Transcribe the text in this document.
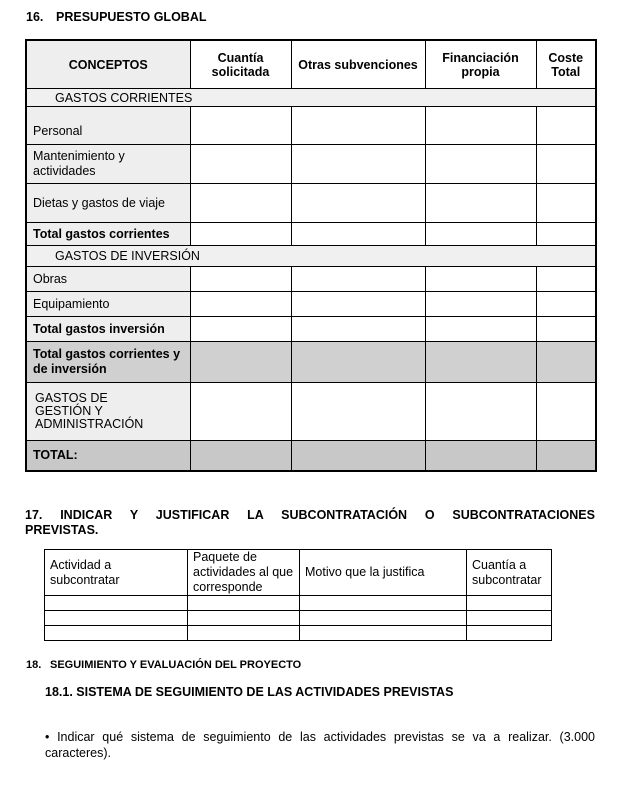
16. PRESUPUESTO GLOBAL
CONCEPTOS	Cuantía solicitada	Otras subvenciones	Financiación propia	Coste Total
GASTOS CORRIENTES				
Personal				
Mantenimiento y actividades				
Dietas y gastos de viaje				
Total gastos corrientes				
GASTOS DE INVERSIÓN				
Obras				
Equipamiento				
Total gastos inversión				
Total gastos corrientes y de inversión				
GASTOS DE GESTIÓN Y ADMINISTRACIÓN				
TOTAL:				
17. INDICAR Y JUSTIFICAR LA SUBCONTRATACIÓN O SUBCONTRATACIONES PREVISTAS.
Actividad a subcontratar	Paquete de actividades al que corresponde	Motivo que la justifica	Cuantía a subcontratar

18. SEGUIMIENTO Y EVALUACIÓN DEL PROYECTO
18.1. SISTEMA DE SEGUIMIENTO DE LAS ACTIVIDADES PREVISTAS
• Indicar qué sistema de seguimiento de las actividades previstas se va a realizar. (3.000 caracteres).
